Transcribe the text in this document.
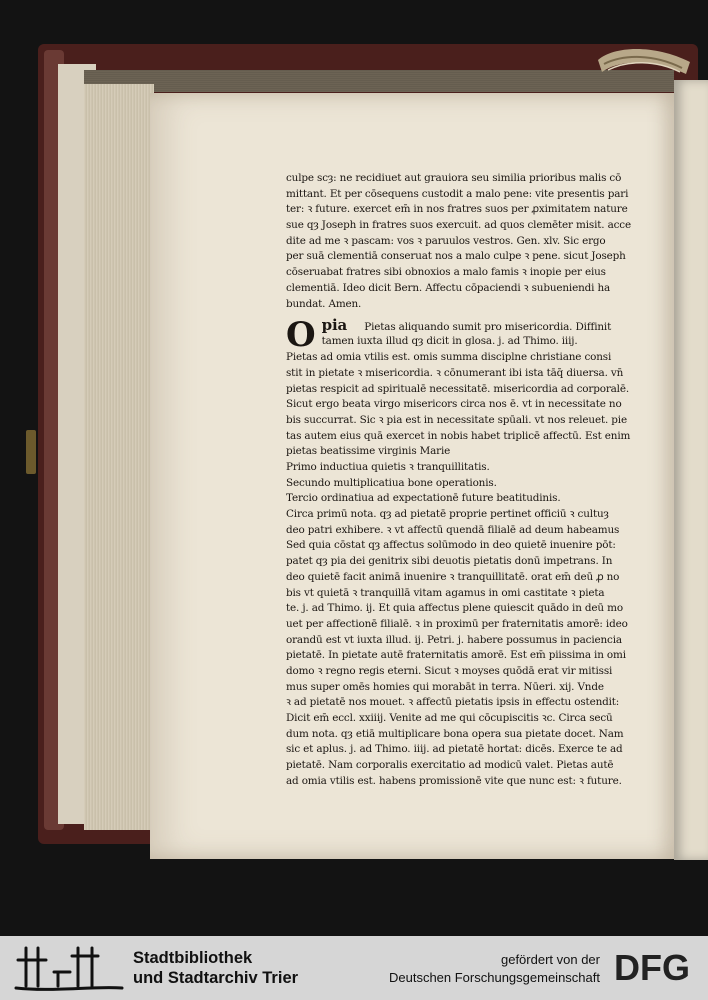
culpe scȝ: ne recidiuet aut grauiora seu similia prioribus malis cō
mittant. Et per cōsequens custodit a malo pene: vite presentis pari
ter: ꝛ future. exercet em̄ in nos fratres suos per ꝓximitatem nature
sue qȝ Joseph in fratres suos exercuit. ad quos clemēter misit. acce
dite ad me ꝛ pascam: vos ꝛ paruulos vestros. Gen. xlv. Sic ergo
per suā clementiā conseruat nos a malo culpe ꝛ pene. sicut Joseph
cōseruabat fratres sibi obnoxios a malo famis ꝛ inopie per eius
clementiā. Ideo dicit Bern. Affectu cōpaciendi ꝛ subueniendi ha
bundat. Amen.
O pia Pietas aliquando sumit pro misericordia. Diffinit
tamen iuxta illud qȝ dicit in glosa. j. ad Thimo. iiij.
Pietas ad omia vtilis est. omis summa disciplne christiane consi
stit in pietate ꝛ misericordia. ꝛ cōnumerant ibi ista tāq̄ diuersa. vn̄
pietas respicit ad spiritualē necessitatē. misericordia ad corporalē.
Sicut ergo beata virgo misericors circa nos ē. vt in necessitate no
bis succurrat. Sic ꝛ pia est in necessitate spūali. vt nos releuet. pie
tas autem eius quā exercet in nobis habet triplicē affectū. Est enim
pietas beatissime virginis Marie
Primo inductiua quietis ꝛ tranquillitatis.
Secundo multiplicatiua bone operationis.
Tercio ordinatiua ad expectationē future beatitudinis.
Circa primū nota. qȝ ad pietatē proprie pertinet officiū ꝛ cultuȝ
deo patri exhibere. ꝛ vt affectū quendā filialē ad deum habeamus
Sed quia cōstat qȝ affectus solūmodo in deo quietē inuenire pōt:
patet qȝ pia dei genitrix sibi deuotis pietatis donū impetrans. In
deo quietē facit animā inuenire ꝛ tranquillitatē. orat em̄ deū ꝓ no
bis vt quietā ꝛ tranquillā vitam agamus in omi castitate ꝛ pieta
te. j. ad Thimo. ij. Et quia affectus plene quiescit quādo in deū mo
uet per affectionē filialē. ꝛ in proximū per fraternitatis amorē: ideo
orandū est vt iuxta illud. ij. Petri. j. habere possumus in paciencia
pietatē. In pietate autē fraternitatis amorē. Est em̄ piissima in omi
domo ꝛ regno regis eterni. Sicut ꝛ moyses quōdā erat vir mitissi
mus super omēs homies qui morabāt in terra. Nūeri. xij. Vnde
ꝛ ad pietatē nos mouet. ꝛ affectū pietatis ipsis in effectu ostendit:
Dicit em̄ eccl. xxiiij. Venite ad me qui cōcupiscitis ꝛc. Circa secū
dum nota. qȝ etiā multiplicare bona opera sua pietate docet. Nam
sic et aplus. j. ad Thimo. iiij. ad pietatē hortat: dicēs. Exerce te ad
pietatē. Nam corporalis exercitatio ad modicū valet. Pietas autē
ad omia vtilis est. habens promissionē vite que nunc est: ꝛ future.
Stadtbibliothek
und Stadtarchiv Trier
gefördert von der
Deutschen Forschungsgemeinschaft DFG
